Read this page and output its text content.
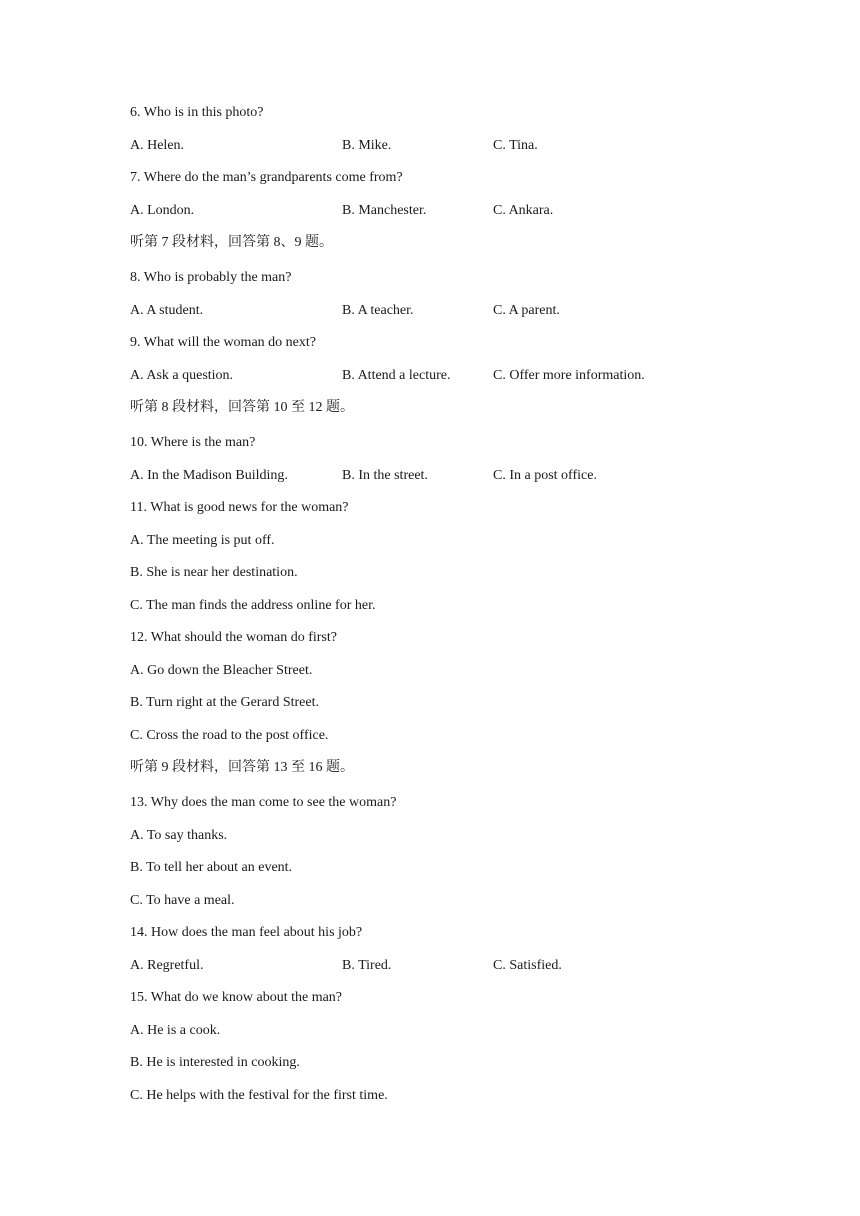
6. Who is in this photo?
A. Helen.	B. Mike.	C. Tina.
7. Where do the man’s grandparents come from?
A. London.	B. Manchester.	C. Ankara.
听第 7 段材料，回答第 8、9 题。
8. Who is probably the man?
A. A student.	B. A teacher.	C. A parent.
9. What will the woman do next?
A. Ask a question.	B. Attend a lecture.	C. Offer more information.
听第 8 段材料，回答第 10 至 12 题。
10. Where is the man?
A. In the Madison Building.	B. In the street.	C. In a post office.
11. What is good news for the woman?
A. The meeting is put off.
B. She is near her destination.
C. The man finds the address online for her.
12. What should the woman do first?
A. Go down the Bleacher Street.
B. Turn right at the Gerard Street.
C. Cross the road to the post office.
听第 9 段材料，回答第 13 至 16 题。
13. Why does the man come to see the woman?
A. To say thanks.
B. To tell her about an event.
C. To have a meal.
14. How does the man feel about his job?
A. Regretful.	B. Tired.	C. Satisfied.
15. What do we know about the man?
A. He is a cook.
B. He is interested in cooking.
C. He helps with the festival for the first time.
